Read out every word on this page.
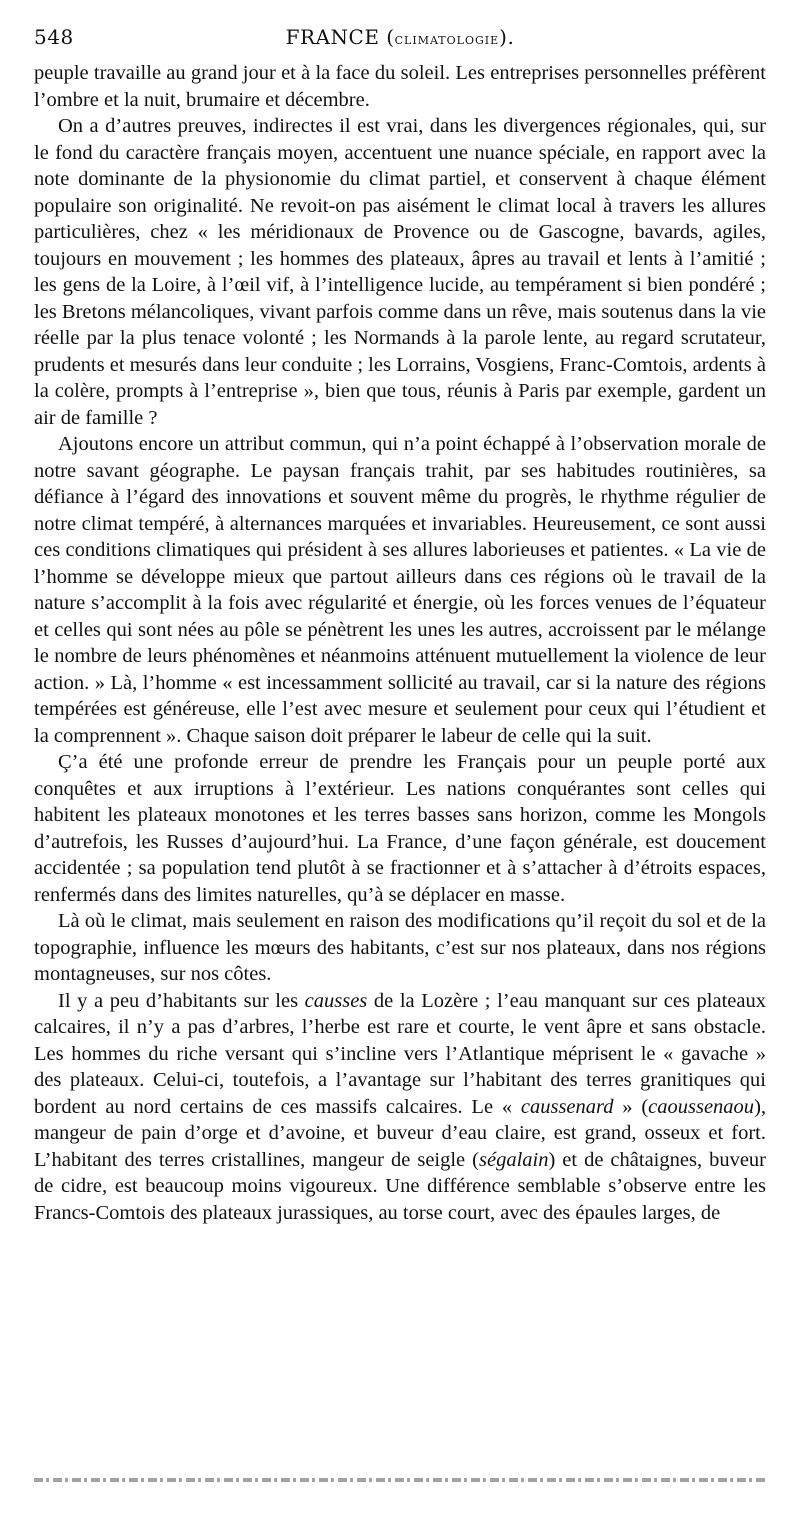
548	FRANCE (climatologie).

peuple travaille au grand jour et à la face du soleil. Les entreprises personnelles préfèrent l’ombre et la nuit, brumaire et décembre.

On a d’autres preuves, indirectes il est vrai, dans les divergences régionales, qui, sur le fond du caractère français moyen, accentuent une nuance spéciale, en rapport avec la note dominante de la physionomie du climat partiel, et conservent à chaque élément populaire son originalité. Ne revoit-on pas aisément le climat local à travers les allures particulières, chez « les méridionaux de Provence ou de Gascogne, bavards, agiles, toujours en mouvement ; les hommes des plateaux, âpres au travail et lents à l’amitié ; les gens de la Loire, à l’œil vif, à l’intelligence lucide, au tempérament si bien pondéré ; les Bretons mélancoliques, vivant parfois comme dans un rêve, mais soutenus dans la vie réelle par la plus tenace volonté ; les Normands à la parole lente, au regard scrutateur, prudents et mesurés dans leur conduite ; les Lorrains, Vosgiens, Franc-Comtois, ardents à la colère, prompts à l’entreprise », bien que tous, réunis à Paris par exemple, gardent un air de famille ?

Ajoutons encore un attribut commun, qui n’a point échappé à l’observation morale de notre savant géographe. Le paysan français trahit, par ses habitudes routinières, sa défiance à l’égard des innovations et souvent même du progrès, le rhythme régulier de notre climat tempéré, à alternances marquées et invariables. Heureusement, ce sont aussi ces conditions climatiques qui président à ses allures laborieuses et patientes. « La vie de l’homme se développe mieux que partout ailleurs dans ces régions où le travail de la nature s’accomplit à la fois avec régularité et énergie, où les forces venues de l’équateur et celles qui sont nées au pôle se pénètrent les unes les autres, accroissent par le mélange le nombre de leurs phénomènes et néanmoins atténuent mutuellement la violence de leur action. » Là, l’homme « est incessamment sollicité au travail, car si la nature des régions tempérées est généreuse, elle l’est avec mesure et seulement pour ceux qui l’étudient et la comprennent ». Chaque saison doit préparer le labeur de celle qui la suit.

Ç’a été une profonde erreur de prendre les Français pour un peuple porté aux conquêtes et aux irruptions à l’extérieur. Les nations conquérantes sont celles qui habitent les plateaux monotones et les terres basses sans horizon, comme les Mongols d’autrefois, les Russes d’aujourd’hui. La France, d’une façon générale, est doucement accidentée ; sa population tend plutôt à se fractionner et à s’attacher à d’étroits espaces, renfermés dans des limites naturelles, qu’à se déplacer en masse.

Là où le climat, mais seulement en raison des modifications qu’il reçoit du sol et de la topographie, influence les mœurs des habitants, c’est sur nos plateaux, dans nos régions montagneuses, sur nos côtes.

Il y a peu d’habitants sur les causses de la Lozère ; l’eau manquant sur ces plateaux calcaires, il n’y a pas d’arbres, l’herbe est rare et courte, le vent âpre et sans obstacle. Les hommes du riche versant qui s’incline vers l’Atlantique méprisent le « gavache » des plateaux. Celui-ci, toutefois, a l’avantage sur l’habitant des terres granitiques qui bordent au nord certains de ces massifs calcaires. Le « caussenard » (caoussenaou), mangeur de pain d’orge et d’avoine, et buveur d’eau claire, est grand, osseux et fort. L’habitant des terres cristallines, mangeur de seigle (ségalain) et de châtaignes, buveur de cidre, est beaucoup moins vigoureux. Une différence semblable s’observe entre les Francs-Comtois des plateaux jurassiques, au torse court, avec des épaules larges, de
